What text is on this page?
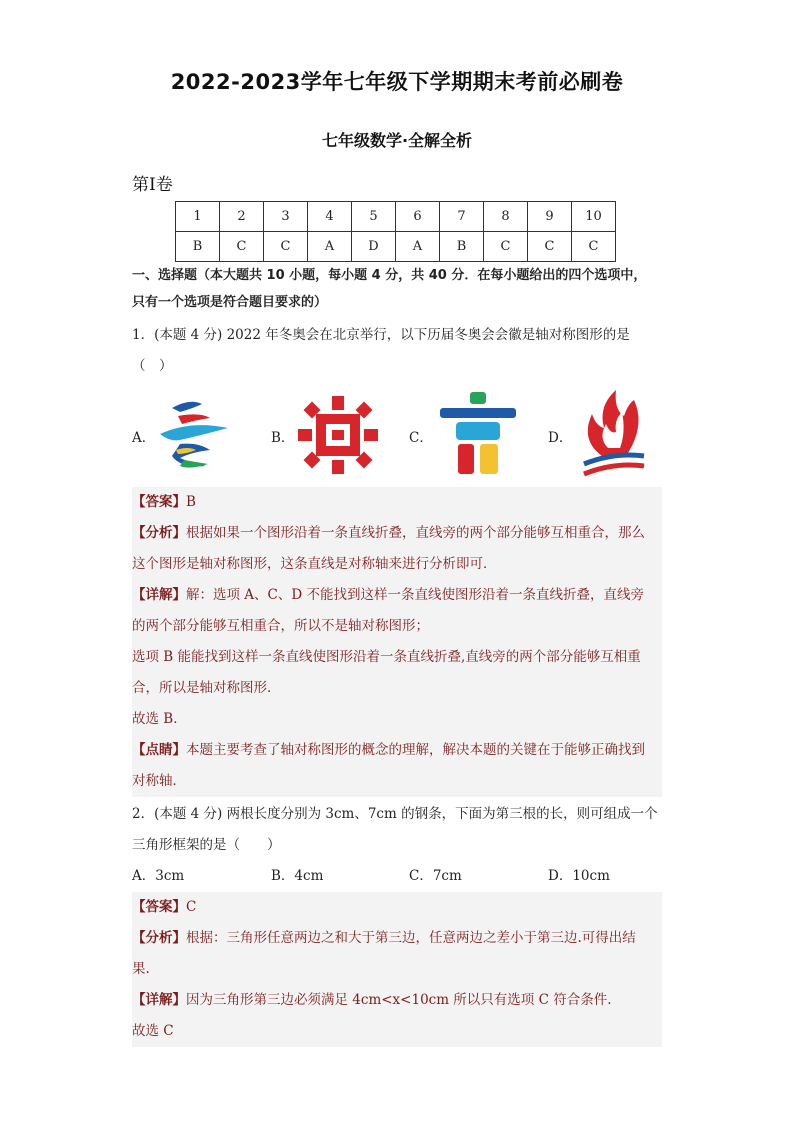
2022-2023学年七年级下学期期末考前必刷卷
七年级数学·全解全析
第Ⅰ卷
1	2	3	4	5	6	7	8	9	10
B	C	C	A	D	A	B	C	C	C
一、选择题（本大题共 10 小题，每小题 4 分，共 40 分．在每小题给出的四个选项中，
只有一个选项是符合题目要求的）
1．(本题 4 分) 2022 年冬奥会在北京举行，以下历届冬奥会会徽是轴对称图形的是
（　）
A．	B．	C．	D．
【答案】B
【分析】根据如果一个图形沿着一条直线折叠，直线旁的两个部分能够互相重合，那么
这个图形是轴对称图形，这条直线是对称轴来进行分析即可．
【详解】解：选项 A、C、D 不能找到这样一条直线使图形沿着一条直线折叠，直线旁
的两个部分能够互相重合，所以不是轴对称图形；
选项 B 能能找到这样一条直线使图形沿着一条直线折叠,直线旁的两个部分能够互相重
合，所以是轴对称图形．
故选 B．
【点睛】本题主要考查了轴对称图形的概念的理解，解决本题的关键在于能够正确找到
对称轴．
2．(本题 4 分) 两根长度分别为 3cm、7cm 的钢条，下面为第三根的长，则可组成一个
三角形框架的是（　　）
A．3cm	B．4cm	C．7cm	D．10cm
【答案】C
【分析】根据：三角形任意两边之和大于第三边，任意两边之差小于第三边.可得出结
果.
【详解】因为三角形第三边必须满足 4cm<x<10cm 所以只有选项 C 符合条件.
故选 C
